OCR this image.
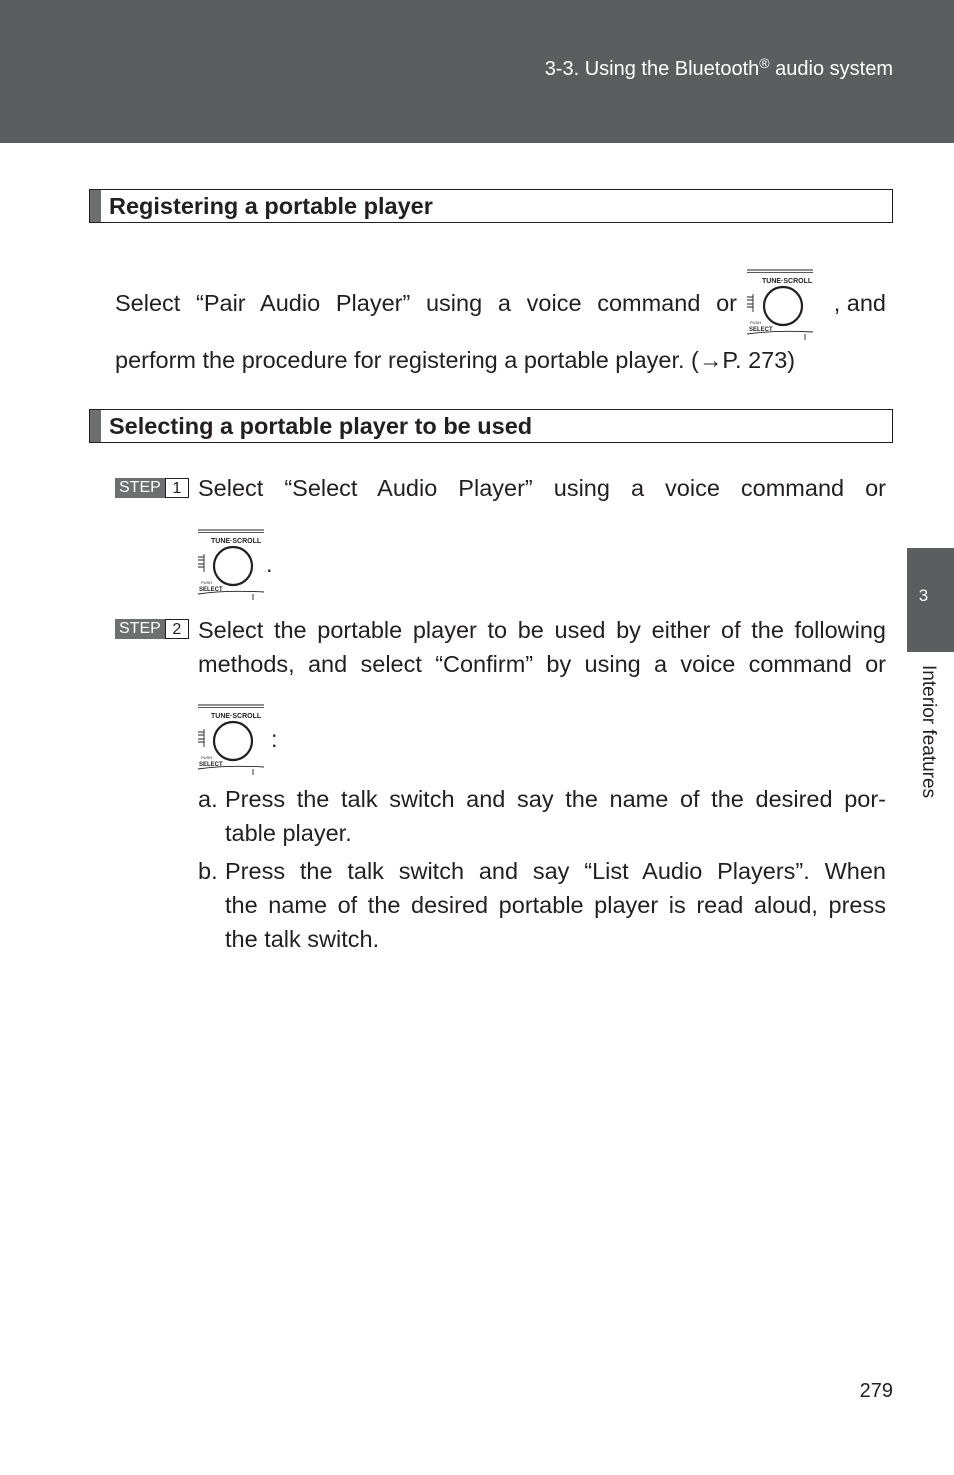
3-3. Using the Bluetooth® audio system
Registering a portable player
Select “Pair Audio Player” using a voice command or
TUNE·SCROLL
PUSH
SELECT
, and
perform the procedure for registering a portable player. (→P. 273)
Selecting a portable player to be used
STEP 1 Select “Select Audio Player” using a voice command or
TUNE·SCROLL
PUSH
SELECT
.
STEP 2 Select the portable player to be used by either of the following
methods, and select “Confirm” by using a voice command or
TUNE·SCROLL
PUSH
SELECT
:
a. Press the talk switch and say the name of the desired por-
table player.
b. Press the talk switch and say “List Audio Players”. When
the name of the desired portable player is read aloud, press
the talk switch.
3
Interior features
279
